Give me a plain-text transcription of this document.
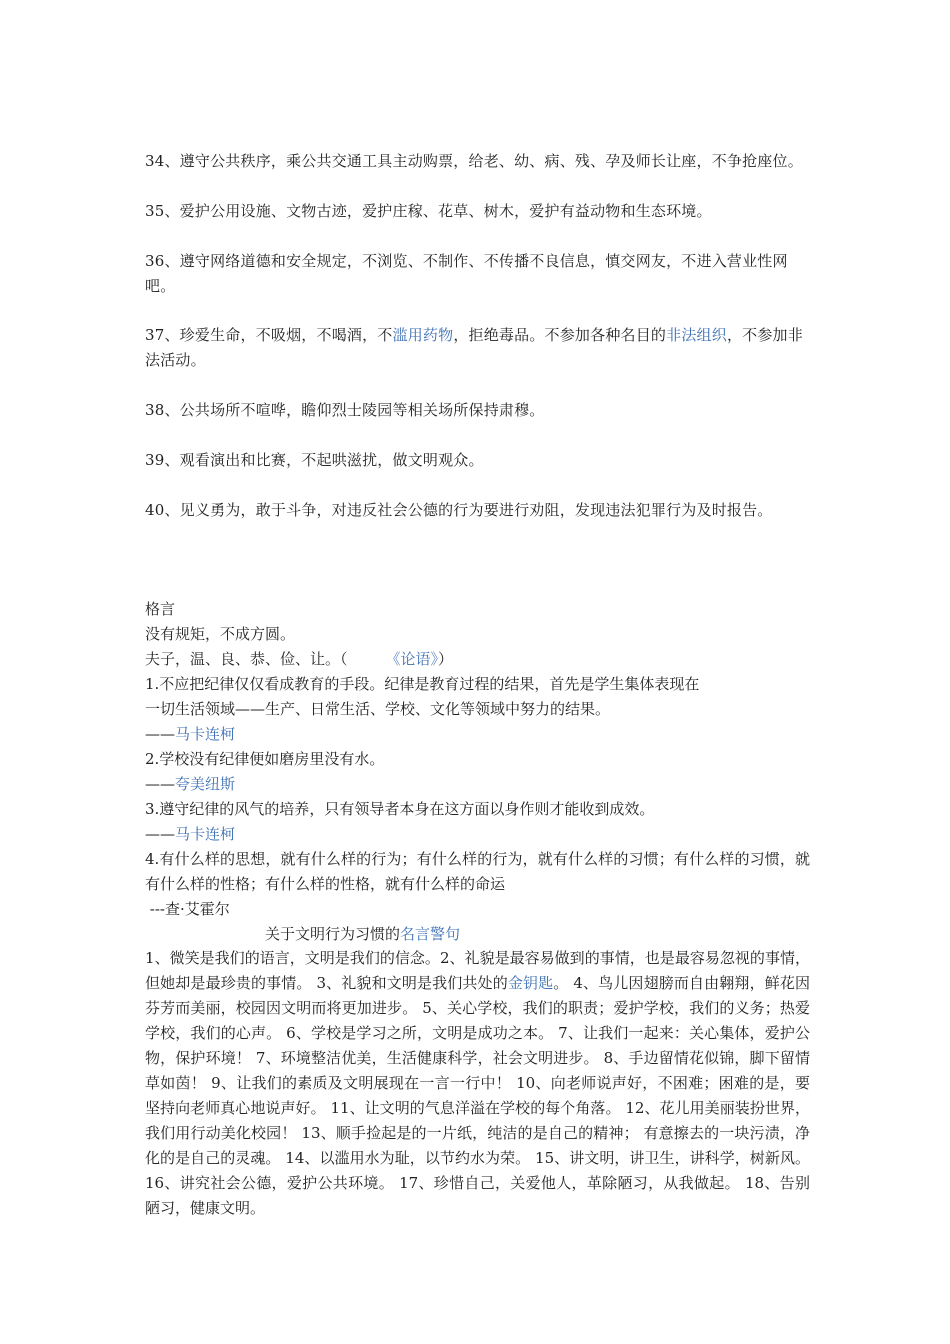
34、遵守公共秩序，乘公共交通工具主动购票，给老、幼、病、残、孕及师长让座，不争抢座位。
35、爱护公用设施、文物古迹，爱护庄稼、花草、树木，爱护有益动物和生态环境。
36、遵守网络道德和安全规定，不浏览、不制作、不传播不良信息，慎交网友，不进入营业性网吧。
37、珍爱生命，不吸烟，不喝酒，不滥用药物，拒绝毒品。不参加各种名目的非法组织，不参加非法活动。
38、公共场所不喧哗，瞻仰烈士陵园等相关场所保持肃穆。
39、观看演出和比赛，不起哄滋扰，做文明观众。
40、见义勇为，敢于斗争，对违反社会公德的行为要进行劝阻，发现违法犯罪行为及时报告。
格言
没有规矩，不成方圆。
夫子，温、良、恭、俭、让。（	《论语》）
1.不应把纪律仅仅看成教育的手段。纪律是教育过程的结果，首先是学生集体表现在
一切生活领域——生产、日常生活、学校、文化等领域中努力的结果。
——马卡连柯
2.学校没有纪律便如磨房里没有水。
——夸美纽斯
3.遵守纪律的风气的培养，只有领导者本身在这方面以身作则才能收到成效。
——马卡连柯
4.有什么样的思想，就有什么样的行为；有什么样的行为，就有什么样的习惯；有什么样的习惯，就有什么样的性格；有什么样的性格，就有什么样的命运
---查·艾霍尔
关于文明行为习惯的名言警句
1、微笑是我们的语言，文明是我们的信念。2、礼貌是最容易做到的事情，也是最容易忽视的事情，但她却是最珍贵的事情。 3、礼貌和文明是我们共处的金钥匙。 4、鸟儿因翅膀而自由翱翔，鲜花因芬芳而美丽，校园因文明而将更加进步。 5、关心学校，我们的职责；爱护学校，我们的义务；热爱学校，我们的心声。 6、学校是学习之所，文明是成功之本。 7、让我们一起来：关心集体，爱护公物，保护环境！ 7、环境整洁优美，生活健康科学，社会文明进步。 8、手边留情花似锦，脚下留情草如茵！ 9、让我们的素质及文明展现在一言一行中！ 10、向老师说声好，不困难；困难的是，要坚持向老师真心地说声好。 11、让文明的气息洋溢在学校的每个角落。 12、花儿用美丽装扮世界，我们用行动美化校园！ 13、顺手捡起是的一片纸，纯洁的是自己的精神； 有意擦去的一块污渍，净化的是自己的灵魂。 14、以滥用水为耻，以节约水为荣。 15、讲文明，讲卫生，讲科学，树新风。 16、讲究社会公德，爱护公共环境。 17、珍惜自己，关爱他人，革除陋习，从我做起。 18、告别陋习，健康文明。
